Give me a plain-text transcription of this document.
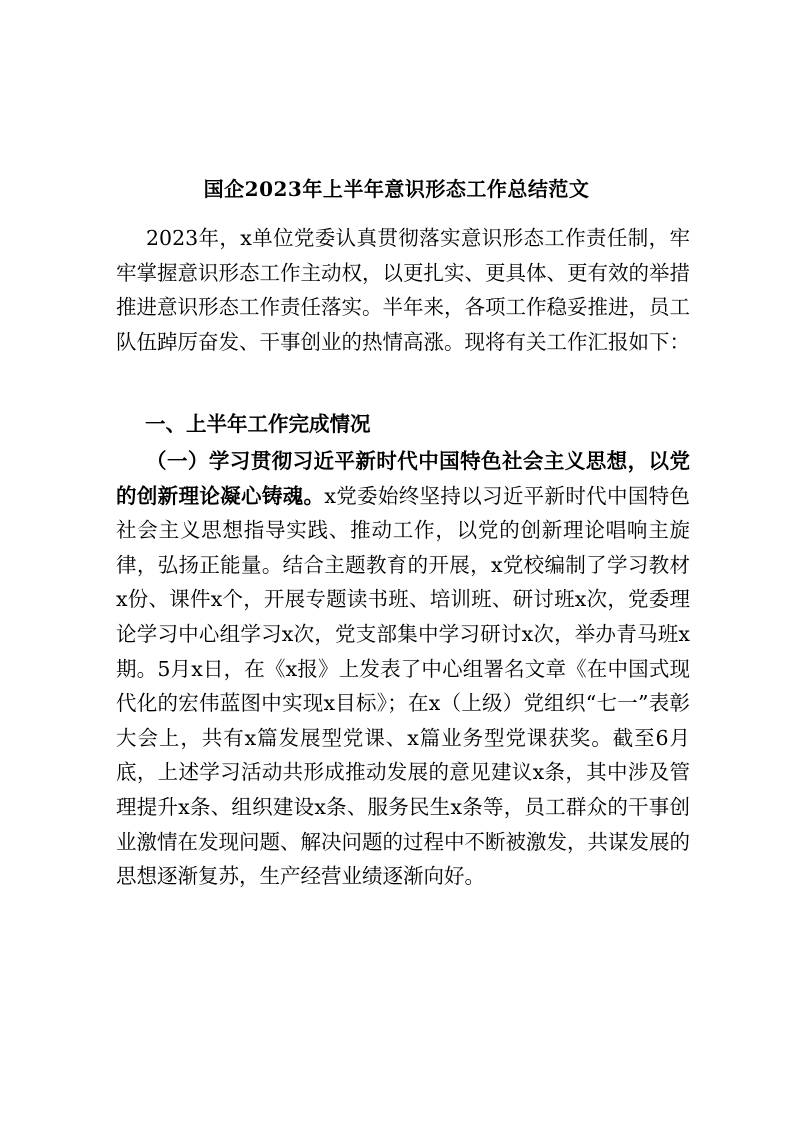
国企2023年上半年意识形态工作总结范文

2023年，x单位党委认真贯彻落实意识形态工作责任制，牢牢掌握意识形态工作主动权，以更扎实、更具体、更有效的举措推进意识形态工作责任落实。半年来，各项工作稳妥推进，员工队伍踔厉奋发、干事创业的热情高涨。现将有关工作汇报如下：

一、上半年工作完成情况

（一）学习贯彻习近平新时代中国特色社会主义思想，以党的创新理论凝心铸魂。x党委始终坚持以习近平新时代中国特色社会主义思想指导实践、推动工作，以党的创新理论唱响主旋律，弘扬正能量。结合主题教育的开展，x党校编制了学习教材x份、课件x个，开展专题读书班、培训班、研讨班x次，党委理论学习中心组学习x次，党支部集中学习研讨x次，举办青马班x期。5月x日，在《x报》上发表了中心组署名文章《在中国式现代化的宏伟蓝图中实现x目标》；在x（上级）党组织“七一”表彰大会上，共有x篇发展型党课、x篇业务型党课获奖。截至6月底，上述学习活动共形成推动发展的意见建议x条，其中涉及管理提升x条、组织建设x条、服务民生x条等，员工群众的干事创业激情在发现问题、解决问题的过程中不断被激发，共谋发展的思想逐渐复苏，生产经营业绩逐渐向好。
